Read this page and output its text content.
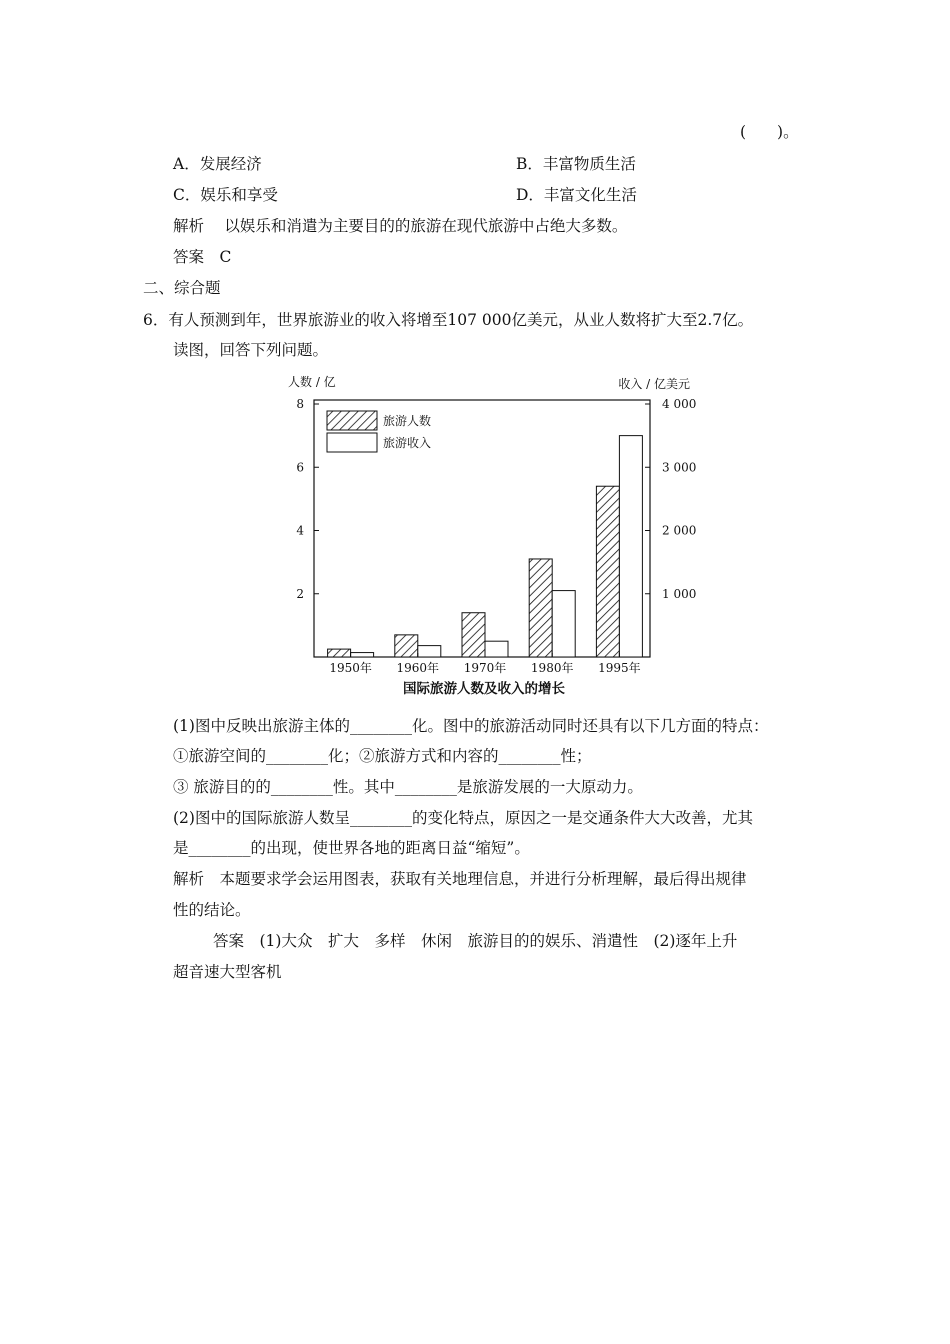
(　　)。
A．发展经济	B．丰富物质生活
C．娱乐和享受	D．丰富文化生活
解析　 以娱乐和消遣为主要目的的旅游在现代旅游中占绝大多数。
答案　C
二、综合题
6．有人预测到年，世界旅游业的收入将增至107 000亿美元，从业人数将扩大至2.7亿。
读图，回答下列问题。
人数 / 亿	收入 / 亿美元
旅游人数
旅游收入
2
4
6
8
1 000
2 000
3 000
4 000
1950年 1960年 1970年 1980年 1995年
国际旅游人数及收入的增长
(1)图中反映出旅游主体的________化。图中的旅游活动同时还具有以下几方面的特点：
①旅游空间的________化；②旅游方式和内容的________性；
③ 旅游目的的________性。其中________是旅游发展的一大原动力。
(2)图中的国际旅游人数呈________的变化特点，原因之一是交通条件大大改善，尤其
是________的出现，使世界各地的距离日益“缩短”。
解析　本题要求学会运用图表，获取有关地理信息，并进行分析理解，最后得出规律
性的结论。
答案　(1)大众　扩大　多样　休闲　旅游目的的娱乐、消遣性　(2)逐年上升
超音速大型客机
